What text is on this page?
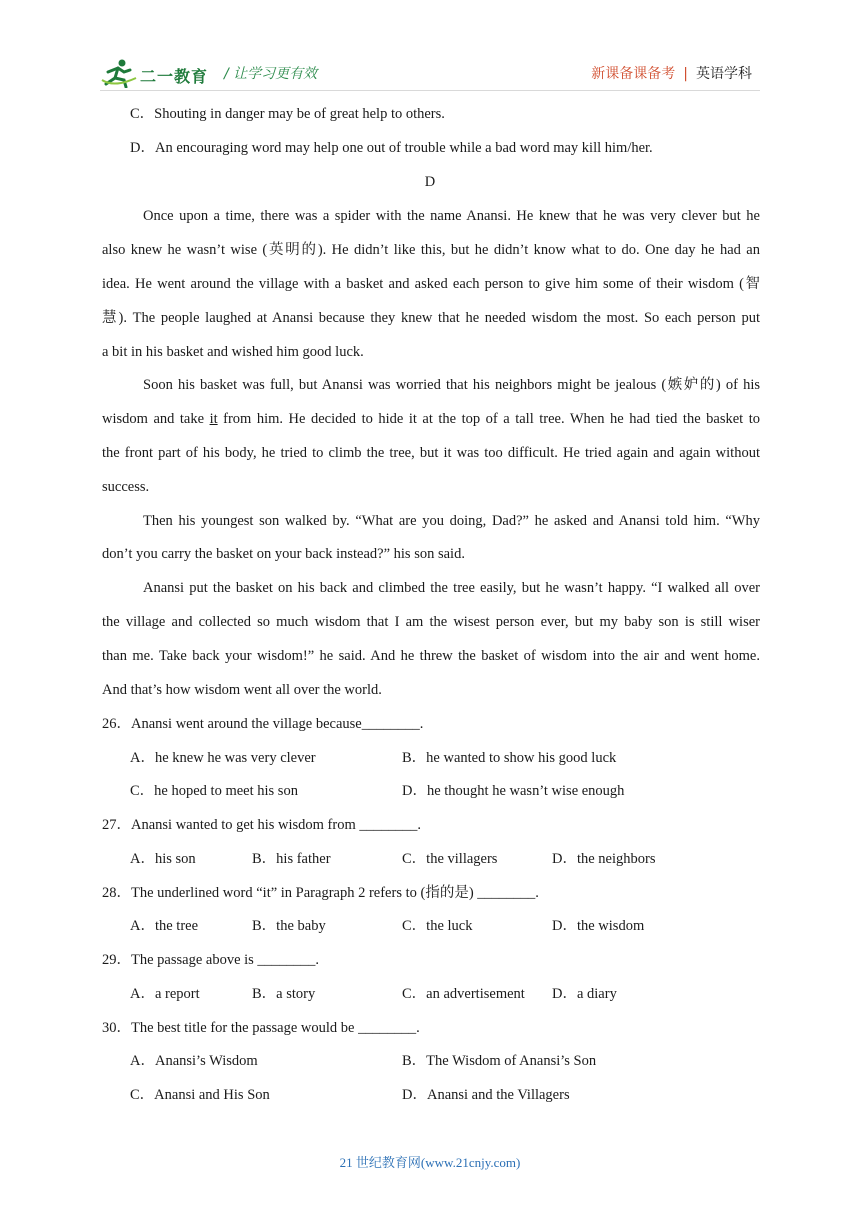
二一教育 / 让学习更有效	新课备课备考 | 英语学科
C．Shouting in danger may be of great help to others.
D．An encouraging word may help one out of trouble while a bad word may kill him/her.
D
Once upon a time, there was a spider with the name Anansi. He knew that he was very clever but he
also knew he wasn’t wise (英明的). He didn’t like this, but he didn’t know what to do. One day he had an
idea. He went around the village with a basket and asked each person to give him some of their wisdom (智
慧). The people laughed at Anansi because they knew that he needed wisdom the most. So each person put
a bit in his basket and wished him good luck.
Soon his basket was full, but Anansi was worried that his neighbors might be jealous (嫉妒的) of his
wisdom and take it from him. He decided to hide it at the top of a tall tree. When he had tied the basket to
the front part of his body, he tried to climb the tree, but it was too difficult. He tried again and again without
success.
Then his youngest son walked by. “What are you doing, Dad?” he asked and Anansi told him. “Why
don’t you carry the basket on your back instead?” his son said.
Anansi put the basket on his back and climbed the tree easily, but he wasn’t happy. “I walked all over
the village and collected so much wisdom that I am the wisest person ever, but my baby son is still wiser
than me. Take back your wisdom!” he said. And he threw the basket of wisdom into the air and went home.
And that’s how wisdom went all over the world.
26．Anansi went around the village because________.
A．he knew he was very clever	B．he wanted to show his good luck
C．he hoped to meet his son	D．he thought he wasn’t wise enough
27．Anansi wanted to get his wisdom from ________.
A．his son	B．his father	C．the villagers	D．the neighbors
28．The underlined word “it” in Paragraph 2 refers to (指的是) ________.
A．the tree	B．the baby	C．the luck	D．the wisdom
29．The passage above is ________.
A．a report	B．a story	C．an advertisement D．a diary
30．The best title for the passage would be ________.
A．Anansi’s Wisdom	B．The Wisdom of Anansi’s Son
C．Anansi and His Son	D．Anansi and the Villagers
21 世纪教育网(www.21cnjy.com)
